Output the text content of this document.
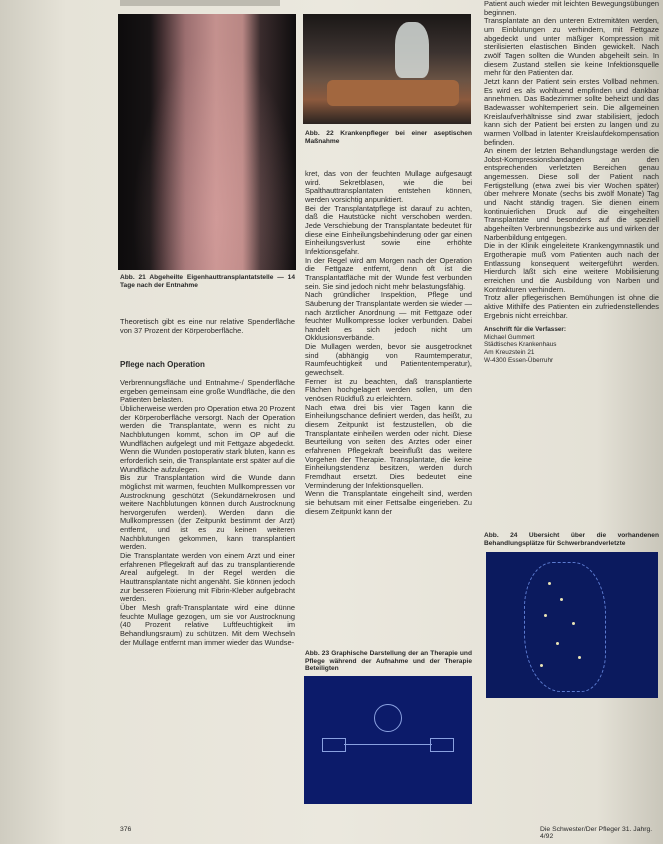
Abb. 21 Abgeheilte Eigenhauttransplantatstelle — 14 Tage nach der Entnahme
Abb. 22 Krankenpfleger bei einer aseptischen Maßnahme

Theoretisch gibt es eine nur relative Spenderfläche von 37 Prozent der Körperoberfläche.

Pflege nach Operation

Verbrennungsfläche und Entnahme-/ Spenderfläche ergeben gemeinsam eine große Wundfläche, die den Patienten belasten.

Üblicherweise werden pro Operation etwa 20 Prozent der Körperoberfläche versorgt. Nach der Operation werden die Transplantate, wenn es nicht zu Nachblutungen kommt, schon im OP auf die Wundflächen aufgelegt und mit Fettgaze abgedeckt. Wenn die Wunden postoperativ stark bluten, kann es erforderlich sein, die Transplantate erst später auf die Wundfläche aufzulegen.

Bis zur Transplantation wird die Wunde dann möglichst mit warmen, feuchten Mullkompressen vor Austrocknung geschützt (Sekundärnekrosen und weitere Nachblutungen können durch Austrocknung hervorgerufen werden). Werden dann die Mullkompressen (der Zeitpunkt bestimmt der Arzt) entfernt, und ist es zu keinen weiteren Nachblutungen gekommen, kann transplantiert werden.

Die Transplantate werden von einem Arzt und einer erfahrenen Pflegekraft auf das zu transplantierende Areal aufgelegt. In der Regel werden die Hauttransplantate nicht angenäht. Sie können jedoch zur besseren Fixierung mit Fibrin-Kleber aufgebracht werden.

Über Mesh graft-Transplantate wird eine dünne feuchte Mullage gezogen, um sie vor Austrocknung (40 Prozent relative Luftfeuchtigkeit im Behandlungsraum) zu schützen. Mit dem Wechseln der Mullage entfernt man immer wieder das Wundse-

kret, das von der feuchten Mullage aufgesaugt wird. Sekretblasen, wie die bei Spalthauttransplantaten entstehen können, werden vorsichtig anpunktiert.

Bei der Transplantatpflege ist darauf zu achten, daß die Hautstücke nicht verschoben werden. Jede Verschiebung der Transplantate bedeutet für diese eine Einheilungsbehinderung oder gar einen Einheilungsverlust sowie eine erhöhte Infektionsgefahr.

In der Regel wird am Morgen nach der Operation die Fettgaze entfernt, denn oft ist die Transplantatfläche mit der Wunde fest verbunden sein. Sie sind jedoch nicht mehr belastungsfähig.

Nach gründlicher Inspektion, Pflege und Säuberung der Transplantate werden sie wieder — nach ärztlicher Anordnung — mit Fettgaze oder feuchter Mullkompresse locker verbunden. Dabei handelt es sich jedoch nicht um Okklusionsverbände.

Die Mullagen werden, bevor sie ausgetrocknet sind (abhängig von Raumtemperatur, Raumfeuchtigkeit und Patiententemperatur), gewechselt.

Ferner ist zu beachten, daß transplantierte Flächen hochgelagert werden sollen, um den venösen Rückfluß zu erleichtern.

Nach etwa drei bis vier Tagen kann die Einheilungschance definiert werden, das heißt, zu diesem Zeitpunkt ist festzustellen, ob die Transplantate einheilen werden oder nicht. Diese Beurteilung von seiten des Arztes oder einer erfahrenen Pflegekraft beeinflußt das weitere Vorgehen der Therapie. Transplantate, die keine Einheilungstendenz besitzen, werden durch Fremdhaut ersetzt. Dies bedeutet eine Verminderung der Infektionsquellen.

Wenn die Transplantate eingeheilt sind, werden sie behutsam mit einer Fettsalbe eingerieben. Zu diesem Zeitpunkt kann der

Abb. 23 Graphische Darstellung der an Therapie und Pflege während der Aufnahme und der Therapie Beteiligten

Patient auch wieder mit leichten Bewegungsübungen beginnen.

Transplantate an den unteren Extremitäten werden, um Einblutungen zu verhindern, mit Fettgaze abgedeckt und unter mäßiger Kompression mit sterilisierten elastischen Binden gewickelt. Nach zwölf Tagen sollten die Wunden abgeheilt sein. In diesem Zustand stellen sie keine Infektionsquelle mehr für den Patienten dar.

Jetzt kann der Patient sein erstes Vollbad nehmen. Es wird es als wohltuend empfinden und dankbar annehmen. Das Badezimmer sollte beheizt und das Badewasser wohltemperiert sein. Die allgemeinen Kreislaufverhältnisse sind zwar stabilisiert, jedoch kann sich der Patient bei ersten zu langen und zu warmen Vollbad in latenter Kreislaufdekompensation befinden.

An einem der letzten Behandlungstage werden die Jobst-Kompressionsbandagen an den entsprechenden verletzten Bereichen genau angemessen. Diese soll der Patient nach Fertigstellung (etwa zwei bis vier Wochen später) über mehrere Monate (sechs bis zwölf Monate) Tag und Nacht ständig tragen. Sie dienen einem kontinuierlichen Druck auf die eingeheilten Transplantate und besonders auf die speziell abgeheilten Verbrennungsbezirke aus und wirken der Narbenbildung entgegen.

Die in der Klinik eingeleitete Krankengymnastik und Ergotherapie muß vom Patienten auch nach der Entlassung konsequent weitergeführt werden. Hierdurch läßt sich eine weitere Mobilisierung erreichen und die Ausbildung von Narben und Kontrakturen verhindern.

Trotz aller pflegerischen Bemühungen ist ohne die aktive Mithilfe des Patienten ein zufriedenstellendes Ergebnis nicht erreichbar.

Anschrift für die Verfasser:
Michael Gummert
Städtisches Krankenhaus
Am Kreuzstein 21
W-4300 Essen-Überruhr
Abb. 24 Übersicht über die vorhandenen Behandlungsplätze für Schwerbrandverletzte
376	Die Schwester/Der Pfleger 31. Jahrg. 4/92
